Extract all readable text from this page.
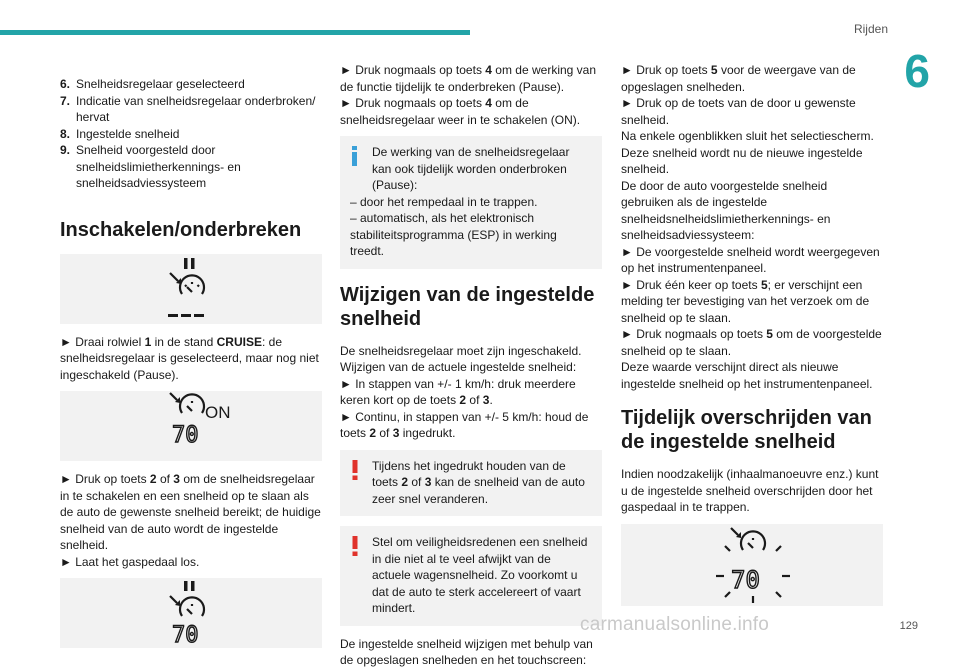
Rijden
6
6. Snelheidsregelaar geselecteerd
7. Indicatie van snelheidsregelaar onderbroken/ hervat
8. Ingestelde snelheid
9. Snelheid voorgesteld door snelheidslimietherkennings- en snelheidsadviessysteem
Inschakelen/onderbreken
► Draai rolwiel 1 in de stand CRUISE: de snelheidsregelaar is geselecteerd, maar nog niet ingeschakeld (Pause).
ON
70
► Druk op toets 2 of 3 om de snelheidsregelaar in te schakelen en een snelheid op te slaan als de auto de gewenste snelheid bereikt; de huidige snelheid van de auto wordt de ingestelde snelheid.
► Laat het gaspedaal los.
70
► Druk nogmaals op toets 4 om de werking van de functie tijdelijk te onderbreken (Pause).
► Druk nogmaals op toets 4 om de snelheidsregelaar weer in te schakelen (ON).
De werking van de snelheidsregelaar kan ook tijdelijk worden onderbroken (Pause):
– door het rempedaal in te trappen.
– automatisch, als het elektronisch stabiliteitsprogramma (ESP) in werking treedt.
Wijzigen van de ingestelde snelheid
De snelheidsregelaar moet zijn ingeschakeld.
Wijzigen van de actuele ingestelde snelheid:
► In stappen van +/- 1 km/h: druk meerdere keren kort op de toets 2 of 3.
► Continu, in stappen van +/- 5 km/h: houd de toets 2 of 3 ingedrukt.
Tijdens het ingedrukt houden van de toets 2 of 3 kan de snelheid van de auto zeer snel veranderen.
Stel om veiligheidsredenen een snelheid in die niet al te veel afwijkt van de actuele wagensnelheid. Zo voorkomt u dat de auto te sterk accelereert of vaart mindert.
De ingestelde snelheid wijzigen met behulp van de opgeslagen snelheden en het touchscreen:
► Druk op toets 5 voor de weergave van de opgeslagen snelheden.
► Druk op de toets van de door u gewenste snelheid.
Na enkele ogenblikken sluit het selectiescherm. Deze snelheid wordt nu de nieuwe ingestelde snelheid.
De door de auto voorgestelde snelheid gebruiken als de ingestelde snelheidsnelheidslimietherkennings- en snelheidsadviessysteem:
► De voorgestelde snelheid wordt weergegeven op het instrumentenpaneel.
► Druk één keer op toets 5; er verschijnt een melding ter bevestiging van het verzoek om de snelheid op te slaan.
► Druk nogmaals op toets 5 om de voorgestelde snelheid op te slaan.
Deze waarde verschijnt direct als nieuwe ingestelde snelheid op het instrumentenpaneel.
Tijdelijk overschrijden van de ingestelde snelheid
Indien noodzakelijk (inhaalmanoeuvre enz.) kunt u de ingestelde snelheid overschrijden door het gaspedaal in te trappen.
70
carmanualsonline.info	129
